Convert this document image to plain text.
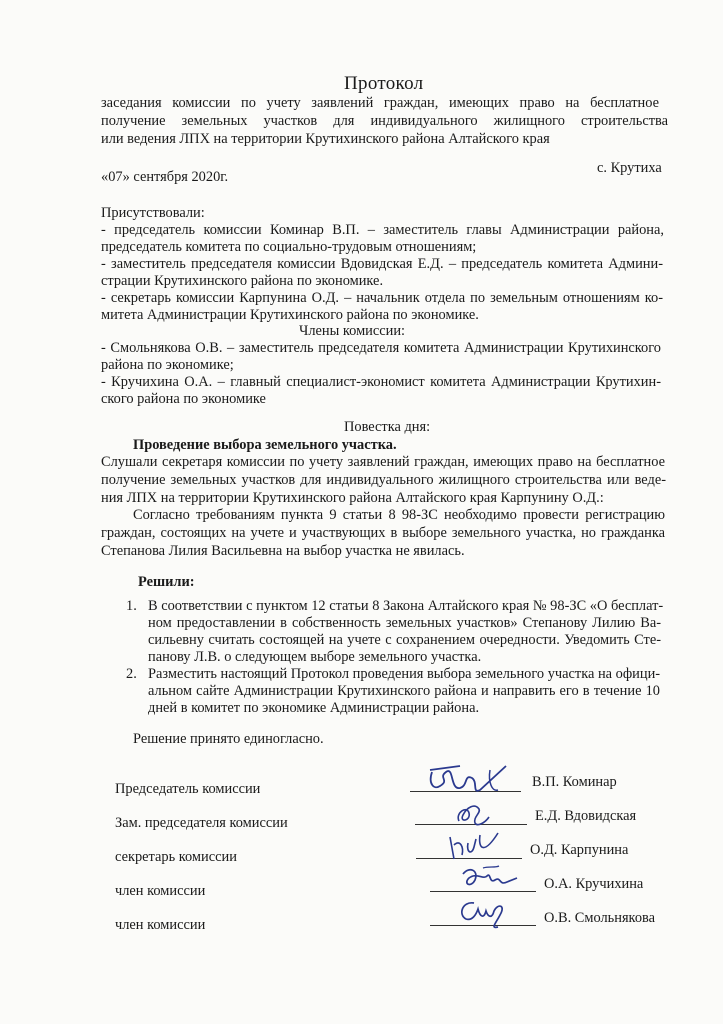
Протокол
заседания комиссии по учету заявлений граждан, имеющих право на бесплатное
получение земельных участков для индивидуального жилищного строительства
или ведения ЛПХ на территории Крутихинского района Алтайского края
«07» сентября 2020г.
с. Крутиха
Присутствовали:
- председатель комиссии Коминар В.П. – заместитель главы Администрации района,
председатель комитета по социально-трудовым отношениям;
- заместитель председателя комиссии Вдовидская Е.Д. – председатель комитета Админи-
страции Крутихинского района по экономике.
- секретарь комиссии Карпунина О.Д. – начальник отдела по земельным отношениям ко-
митета Администрации Крутихинского района по экономике.
Члены комиссии:
- Смольнякова О.В. – заместитель председателя комитета Администрации Крутихинского
района по экономике;
- Кручихина О.А. – главный специалист-экономист комитета Администрации Крутихин-
ского района по экономике
Повестка дня:
Проведение выбора земельного участка.
Слушали секретаря комиссии по учету заявлений граждан, имеющих право на бесплатное
получение земельных участков для индивидуального жилищного строительства или веде-
ния ЛПХ на территории Крутихинского района Алтайского края Карпунину О.Д.:
Согласно требованиям пункта 9 статьи 8 98-ЗС необходимо провести регистрацию
граждан, состоящих на учете и участвующих в выборе земельного участка, но гражданка
Степанова Лилия Васильевна на выбор участка не явилась.
Решили:
1. В соответствии с пунктом 12 статьи 8 Закона Алтайского края № 98-ЗС «О бесплат-
ном предоставлении в собственность земельных участков» Степанову Лилию Ва-
сильевну считать состоящей на учете с сохранением очередности. Уведомить Сте-
панову Л.В. о следующем выборе земельного участка.
2. Разместить настоящий Протокол проведения выбора земельного участка на офици-
альном сайте Администрации Крутихинского района и направить его в течение 10
дней в комитет по экономике Администрации района.
Решение принято единогласно.
Председатель комиссии	В.П. Коминар
Зам. председателя комиссии	Е.Д. Вдовидская
секретарь комиссии	О.Д. Карпунина
член комиссии	О.А. Кручихина
член комиссии	О.В. Смольнякова
